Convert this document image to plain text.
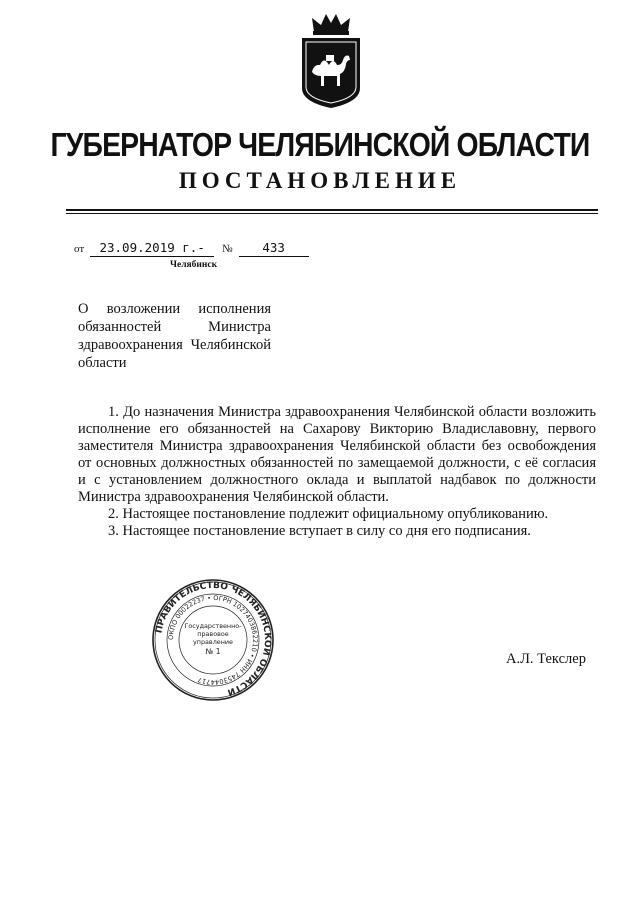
ГУБЕРНАТОР ЧЕЛЯБИНСКОЙ ОБЛАСТИ
ПОСТАНОВЛЕНИЕ
от 23.09.2019 г.- № 433
Челябинск
О возложении исполнения обязанностей Министра здравоохранения Челябинской области

1. До назначения Министра здравоохранения Челябинской области возложить исполнение его обязанностей на Сахарову Викторию Владиславовну, первого заместителя Министра здравоохранения Челябинской области без освобождения от основных должностных обязанностей по замещаемой должности, с её согласия и с установлением должностного оклада и выплатой надбавок по должности Министра здравоохранения Челябинской области.

2. Настоящее постановление подлежит официальному опубликованию.

3. Настоящее постановление вступает в силу со дня его подписания.

ПРАВИТЕЛЬСТВО ЧЕЛЯБИНСКОЙ ОБЛАСТИ
ОКПО 00022237 • ОГРН 1027403862210 • ИНН 7453044717
Государственно-
правовое
управление
№ 1	А.Л. Текслер
